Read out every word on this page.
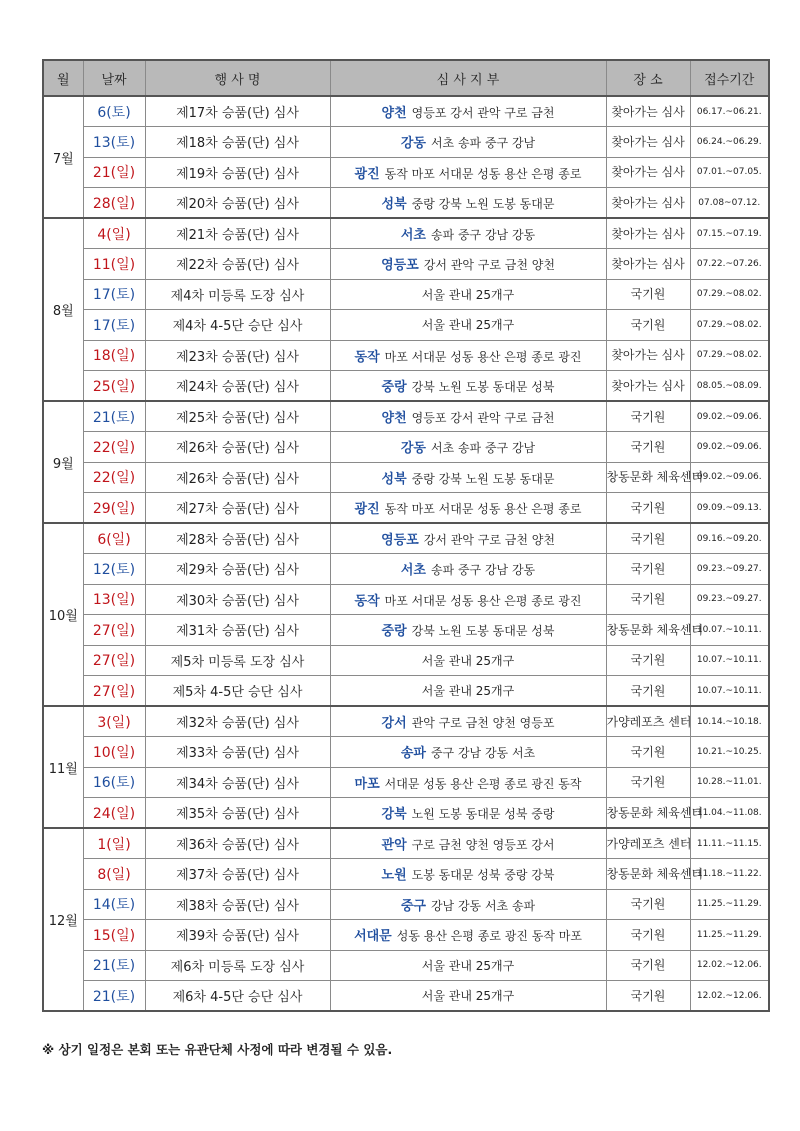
월	날짜	행 사 명	심 사 지 부	장 소	접수기간
7월	6(토)	제17차 승품(단) 심사	양천 영등포 강서 관악 구로 금천	찾아가는 심사	06.17.~06.21.
	13(토)	제18차 승품(단) 심사	강동 서초 송파 중구 강남	찾아가는 심사	06.24.~06.29.
	21(일)	제19차 승품(단) 심사	광진 동작 마포 서대문 성동 용산 은평 종로	찾아가는 심사	07.01.~07.05.
	28(일)	제20차 승품(단) 심사	성북 중랑 강북 노원 도봉 동대문	찾아가는 심사	07.08~07.12.
8월	4(일)	제21차 승품(단) 심사	서초 송파 중구 강남 강동	찾아가는 심사	07.15.~07.19.
	11(일)	제22차 승품(단) 심사	영등포 강서 관악 구로 금천 양천	찾아가는 심사	07.22.~07.26.
	17(토)	제4차 미등록 도장 심사	서울 관내 25개구	국기원	07.29.~08.02.
	17(토)	제4차 4-5단 승단 심사	서울 관내 25개구	국기원	07.29.~08.02.
	18(일)	제23차 승품(단) 심사	동작 마포 서대문 성동 용산 은평 종로 광진	찾아가는 심사	07.29.~08.02.
	25(일)	제24차 승품(단) 심사	중랑 강북 노원 도봉 동대문 성북	찾아가는 심사	08.05.~08.09.
9월	21(토)	제25차 승품(단) 심사	양천 영등포 강서 관악 구로 금천	국기원	09.02.~09.06.
	22(일)	제26차 승품(단) 심사	강동 서초 송파 중구 강남	국기원	09.02.~09.06.
	22(일)	제26차 승품(단) 심사	성북 중랑 강북 노원 도봉 동대문	창동문화 체육센터	09.02.~09.06.
	29(일)	제27차 승품(단) 심사	광진 동작 마포 서대문 성동 용산 은평 종로	국기원	09.09.~09.13.
10월	6(일)	제28차 승품(단) 심사	영등포 강서 관악 구로 금천 양천	국기원	09.16.~09.20.
	12(토)	제29차 승품(단) 심사	서초 송파 중구 강남 강동	국기원	09.23.~09.27.
	13(일)	제30차 승품(단) 심사	동작 마포 서대문 성동 용산 은평 종로 광진	국기원	09.23.~09.27.
	27(일)	제31차 승품(단) 심사	중랑 강북 노원 도봉 동대문 성북	창동문화 체육센터	10.07.~10.11.
	27(일)	제5차 미등록 도장 심사	서울 관내 25개구	국기원	10.07.~10.11.
	27(일)	제5차 4-5단 승단 심사	서울 관내 25개구	국기원	10.07.~10.11.
11월	3(일)	제32차 승품(단) 심사	강서 관악 구로 금천 양천 영등포	가양레포츠 센터	10.14.~10.18.
	10(일)	제33차 승품(단) 심사	송파 중구 강남 강동 서초	국기원	10.21.~10.25.
	16(토)	제34차 승품(단) 심사	마포 서대문 성동 용산 은평 종로 광진 동작	국기원	10.28.~11.01.
	24(일)	제35차 승품(단) 심사	강북 노원 도봉 동대문 성북 중랑	창동문화 체육센터	11.04.~11.08.
12월	1(일)	제36차 승품(단) 심사	관악 구로 금천 양천 영등포 강서	가양레포츠 센터	11.11.~11.15.
	8(일)	제37차 승품(단) 심사	노원 도봉 동대문 성북 중랑 강북	창동문화 체육센터	11.18.~11.22.
	14(토)	제38차 승품(단) 심사	중구 강남 강동 서초 송파	국기원	11.25.~11.29.
	15(일)	제39차 승품(단) 심사	서대문 성동 용산 은평 종로 광진 동작 마포	국기원	11.25.~11.29.
	21(토)	제6차 미등록 도장 심사	서울 관내 25개구	국기원	12.02.~12.06.
	21(토)	제6차 4-5단 승단 심사	서울 관내 25개구	국기원	12.02.~12.06.
※ 상기 일정은 본회 또는 유관단체 사정에 따라 변경될 수 있음.
